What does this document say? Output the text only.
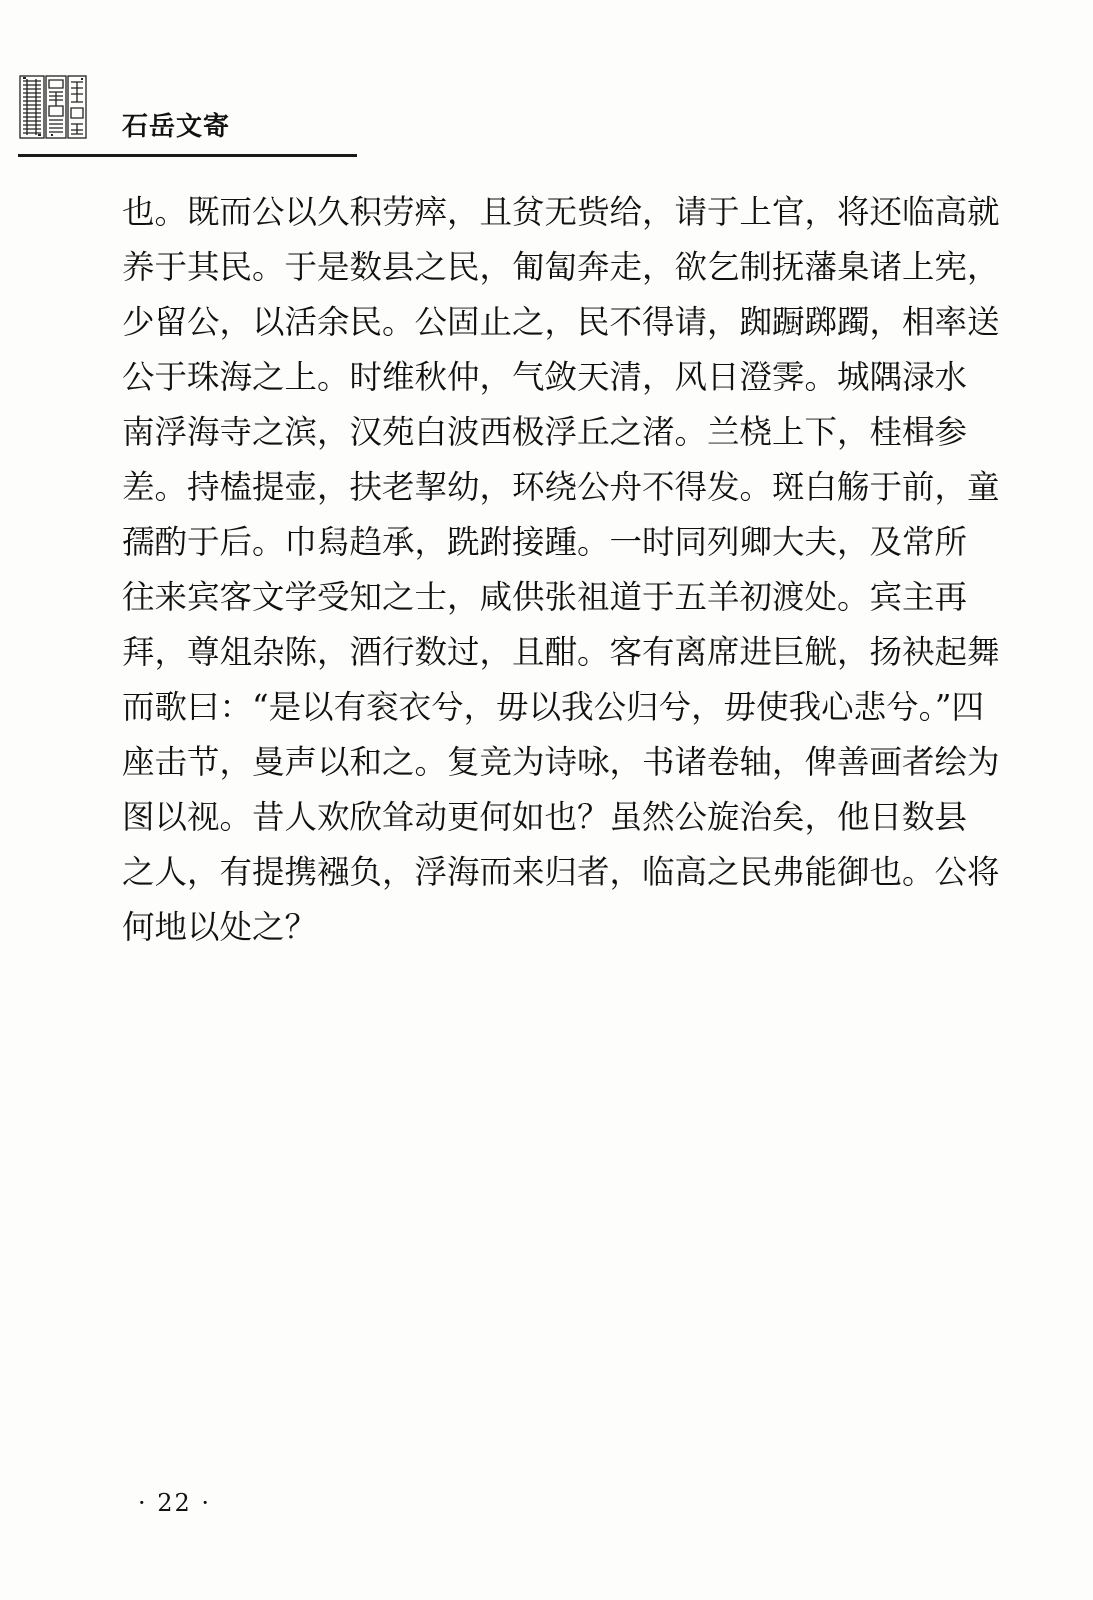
石岳文寄
也。既而公以久积劳瘁，且贫无赀给，请于上官，将还临高就
养于其民。于是数县之民，匍匐奔走，欲乞制抚藩臬诸上宪，
少留公，以活余民。公固止之，民不得请，踟蹰踯躅，相率送
公于珠海之上。时维秋仲，气敛天清，风日澄霁。城隅渌水
南浮海寺之滨，汉苑白波西极浮丘之渚。兰桡上下，桂楫参
差。持榼提壶，扶老挈幼，环绕公舟不得发。斑白觞于前，童
孺酌于后。巾舄趋承，跣跗接踵。一时同列卿大夫，及常所
往来宾客文学受知之士，咸供张祖道于五羊初渡处。宾主再
拜，尊俎杂陈，酒行数过，且酣。客有离席进巨觥，扬袂起舞
而歌曰：“是以有衮衣兮，毋以我公归兮，毋使我心悲兮。”四
座击节，曼声以和之。复竞为诗咏，书诸卷轴，俾善画者绘为
图以视。昔人欢欣耸动更何如也？虽然公旋治矣，他日数县
之人，有提携襁负，浮海而来归者，临高之民弗能御也。公将
何地以处之？
· 22 ·
